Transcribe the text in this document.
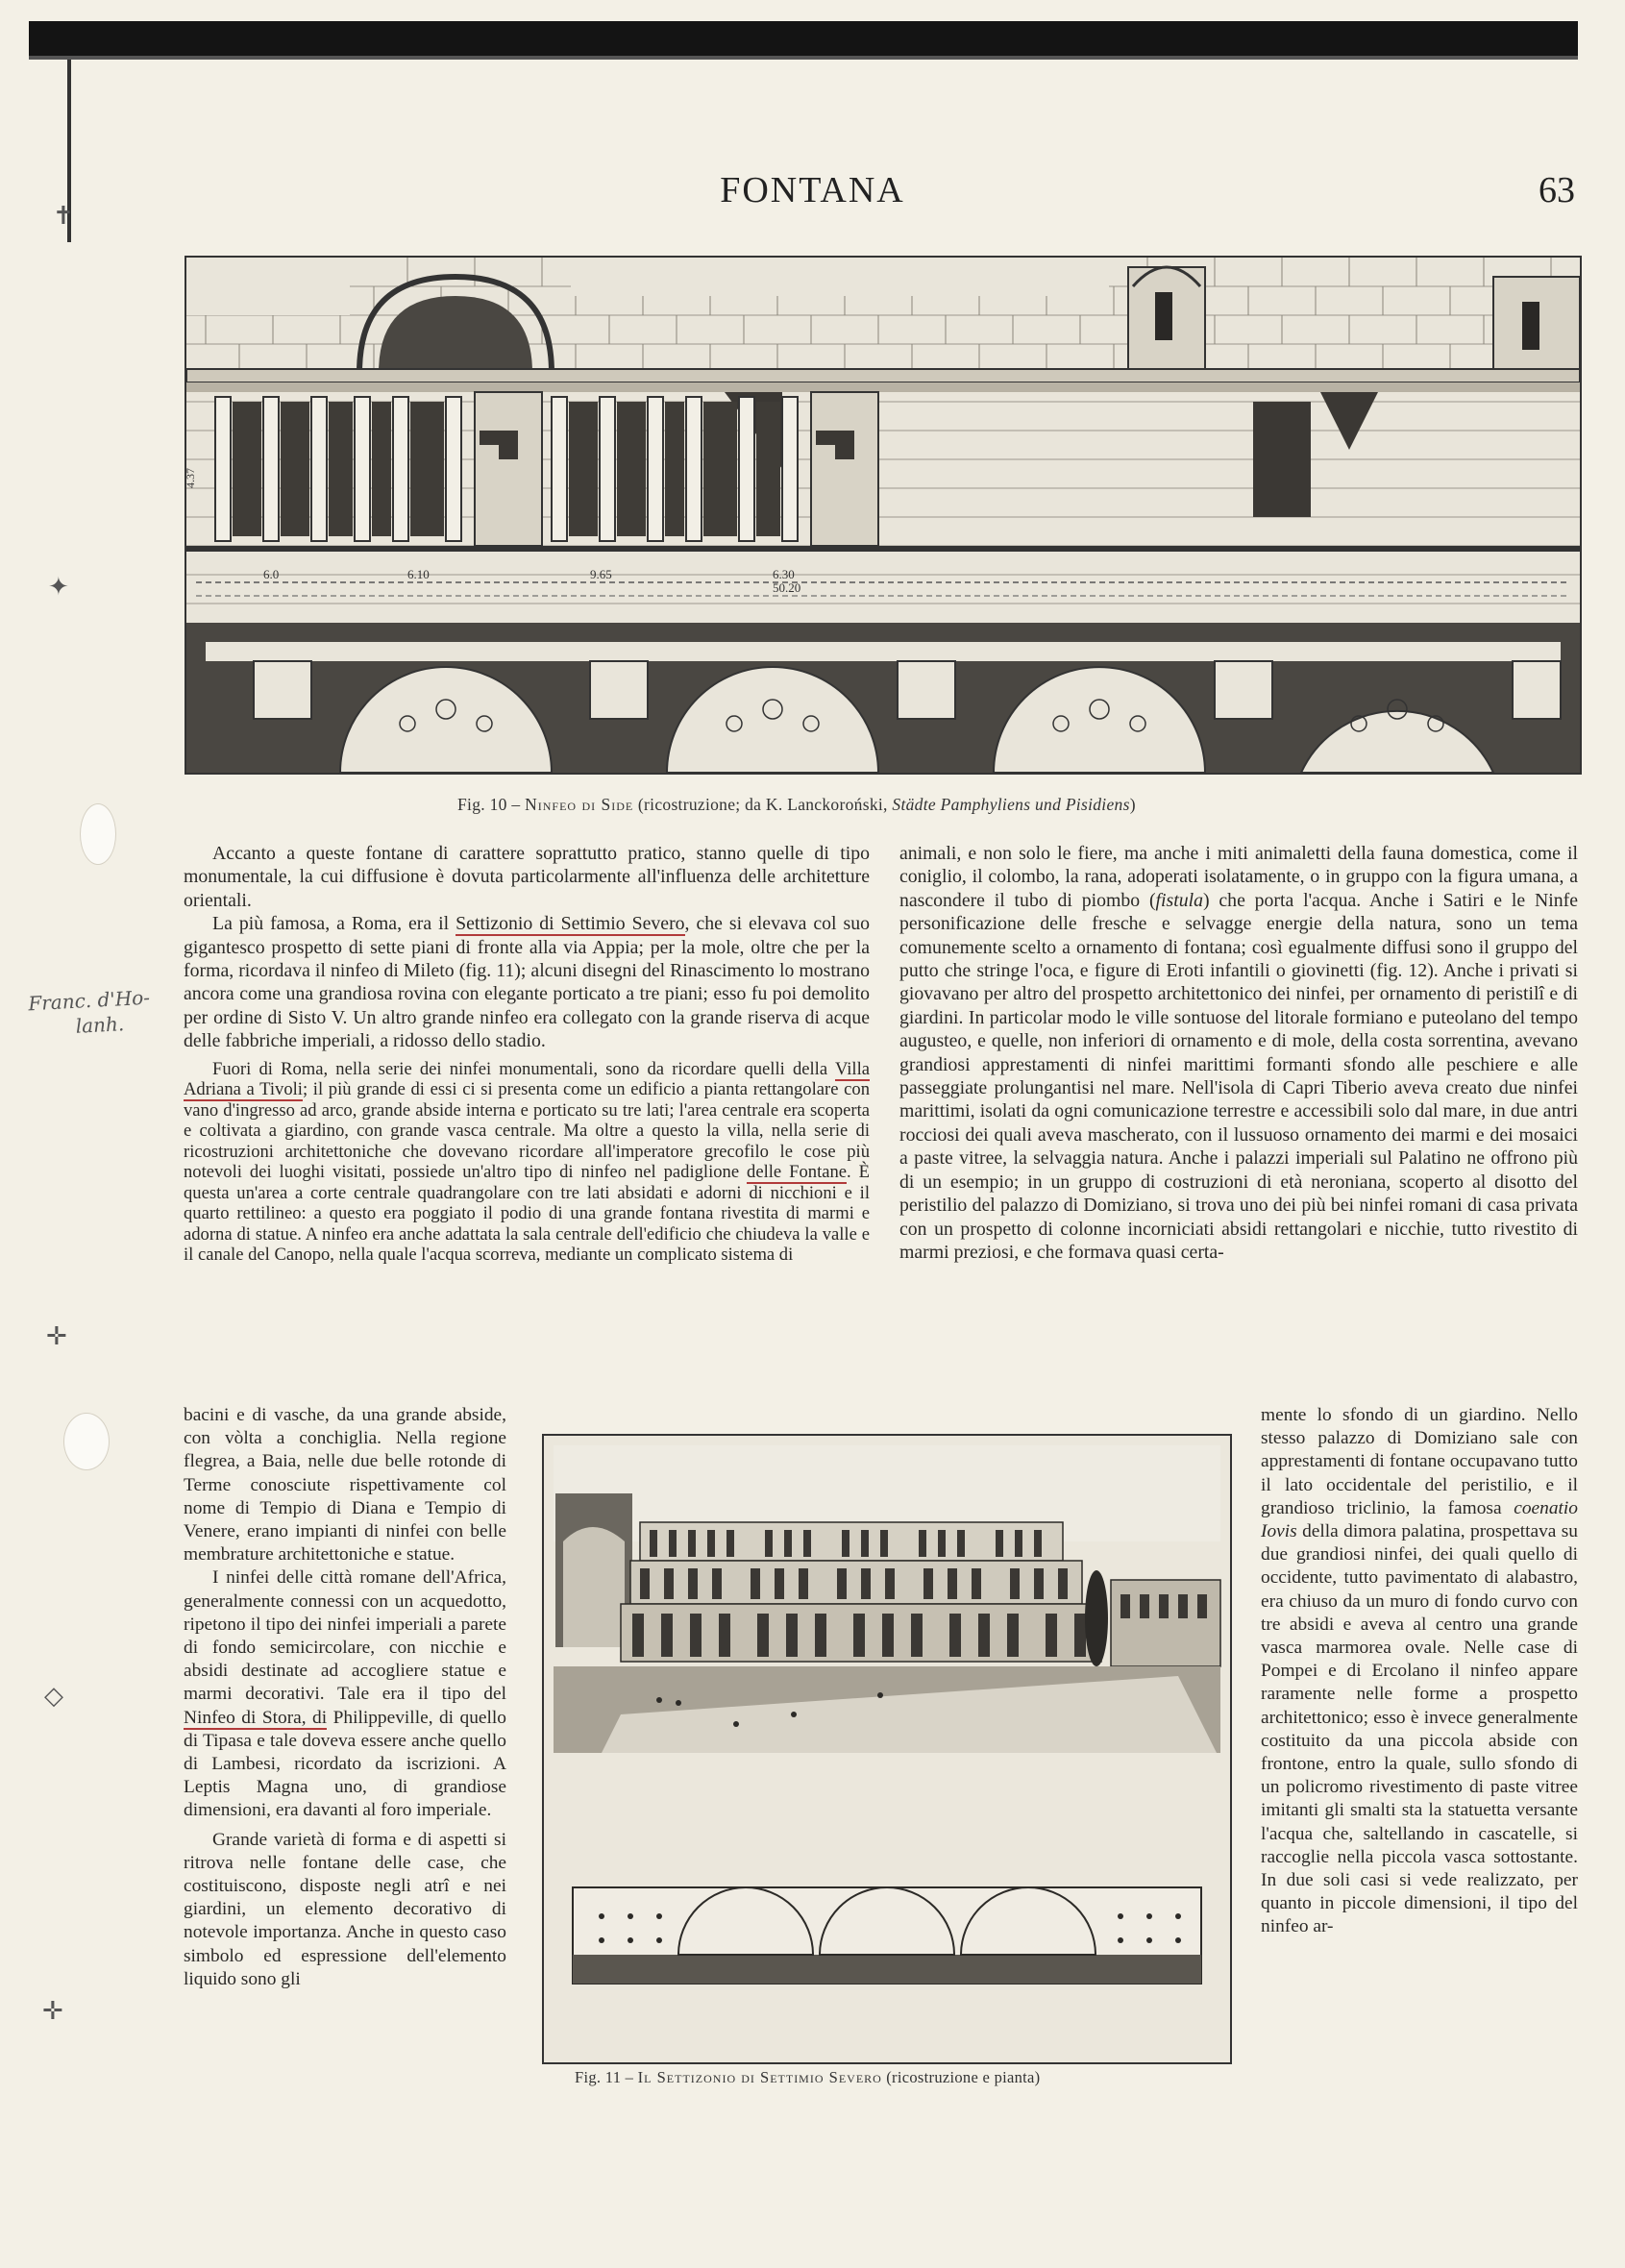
✝
✦
✛
◇
✛
FONTANA	63
6.0	6.10	9.65	6.30
50.20
4.37
Fig. 10 – Ninfeo di Side (ricostruzione; da K. Lanckoroński, Städte Pamphyliens und Pisidiens)
Franc. d'Ho-
lanh.

Accanto a queste fontane di carattere soprattutto pratico, stanno quelle di tipo monumentale, la cui diffusione è dovuta particolarmente all'influenza delle architetture orientali.

La più famosa, a Roma, era il Settizonio di Settimio Severo, che si elevava col suo gigantesco prospetto di sette piani di fronte alla via Appia; per la mole, oltre che per la forma, ricordava il ninfeo di Mileto (fig. 11); alcuni disegni del Rinascimento lo mostrano ancora come una grandiosa rovina con elegante porticato a tre piani; esso fu poi demolito per ordine di Sisto V. Un altro grande ninfeo era collegato con la grande riserva di acque delle fabbriche imperiali, a ridosso dello stadio.

Fuori di Roma, nella serie dei ninfei monumentali, sono da ricordare quelli della Villa Adriana a Tivoli; il più grande di essi ci si presenta come un edificio a pianta rettangolare con vano d'ingresso ad arco, grande abside interna e porticato su tre lati; l'area centrale era scoperta e coltivata a giardino, con grande vasca centrale. Ma oltre a questo la villa, nella serie di ricostruzioni architettoniche che dovevano ricordare all'imperatore grecofilo le cose più notevoli dei luoghi visitati, possiede un'altro tipo di ninfeo nel padiglione delle Fontane. È questa un'area a corte centrale quadrangolare con tre lati absidati e adorni di nicchioni e il quarto rettilineo: a questo era poggiato il podio di una grande fontana rivestita di marmi e adorna di statue. A ninfeo era anche adattata la sala centrale dell'edificio che chiudeva la valle e il canale del Canopo, nella quale l'acqua scorreva, mediante un complicato sistema di

bacini e di vasche, da una grande abside, con vòlta a conchiglia. Nella regione flegrea, a Baia, nelle due belle rotonde di Terme conosciute rispettivamente col nome di Tempio di Diana e Tempio di Venere, erano impianti di ninfei con belle membrature architettoniche e statue.

I ninfei delle città romane dell'Africa, generalmente connessi con un acquedotto, ripetono il tipo dei ninfei imperiali a parete di fondo semicircolare, con nicchie e absidi destinate ad accogliere statue e marmi decorativi. Tale era il tipo del Ninfeo di Stora, di Philippeville, di quello di Tipasa e tale doveva essere anche quello di Lambesi, ricordato da iscrizioni. A Leptis Magna uno, di grandiose dimensioni, era davanti al foro imperiale.

Grande varietà di forma e di aspetti si ritrova nelle fontane delle case, che costituiscono, disposte negli atrî e nei giardini, un elemento decorativo di notevole importanza. Anche in questo caso simbolo ed espressione dell'elemento liquido sono gli

animali, e non solo le fiere, ma anche i miti animaletti della fauna domestica, come il coniglio, il colombo, la rana, adoperati isolatamente, o in gruppo con la figura umana, a nascondere il tubo di piombo (fistula) che porta l'acqua. Anche i Satiri e le Ninfe personificazione delle fresche e selvagge energie della natura, sono un tema comunemente scelto a ornamento di fontana; così egualmente diffusi sono il gruppo del putto che stringe l'oca, e figure di Eroti infantili o giovinetti (fig. 12). Anche i privati si giovavano per altro del prospetto architettonico dei ninfei, per ornamento di peristilî e di giardini. In particolar modo le ville sontuose del litorale formiano e puteolano del tempo augusteo, e quelle, non inferiori di ornamento e di mole, della costa sorrentina, avevano grandiosi apprestamenti di ninfei marittimi formanti sfondo alle peschiere e alle passeggiate prolungantisi nel mare. Nell'isola di Capri Tiberio aveva creato due ninfei marittimi, isolati da ogni comunicazione terrestre e accessibili solo dal mare, in due antri rocciosi dei quali aveva mascherato, con il lussuoso ornamento dei marmi e dei mosaici a paste vitree, la selvaggia natura. Anche i palazzi imperiali sul Palatino ne offrono più di un esempio; in un gruppo di costruzioni di età neroniana, scoperto al disotto del peristilio del palazzo di Domiziano, si trova uno dei più bei ninfei romani di casa privata con un prospetto di colonne incorniciati absidi rettangolari e nicchie, tutto rivestito di marmi preziosi, e che formava quasi certa-

mente lo sfondo di un giardino. Nello stesso palazzo di Domiziano sale con apprestamenti di fontane occupavano tutto il lato occidentale del peristilio, e il grandioso triclinio, la famosa coenatio Iovis della dimora palatina, prospettava su due grandiosi ninfei, dei quali quello di occidente, tutto pavimentato di alabastro, era chiuso da un muro di fondo curvo con tre absidi e aveva al centro una grande vasca marmorea ovale. Nelle case di Pompei e di Ercolano il ninfeo appare raramente nelle forme a prospetto architettonico; esso è invece generalmente costituito da una piccola abside con frontone, entro la quale, sullo sfondo di un policromo rivestimento di paste vitree imitanti gli smalti sta la statuetta versante l'acqua che, saltellando in cascatelle, si raccoglie nella piccola vasca sottostante. In due soli casi si vede realizzato, per quanto in piccole dimensioni, il tipo del ninfeo ar-

Fig. 11 – Il Settizonio di Settimio Severo (ricostruzione e pianta)
